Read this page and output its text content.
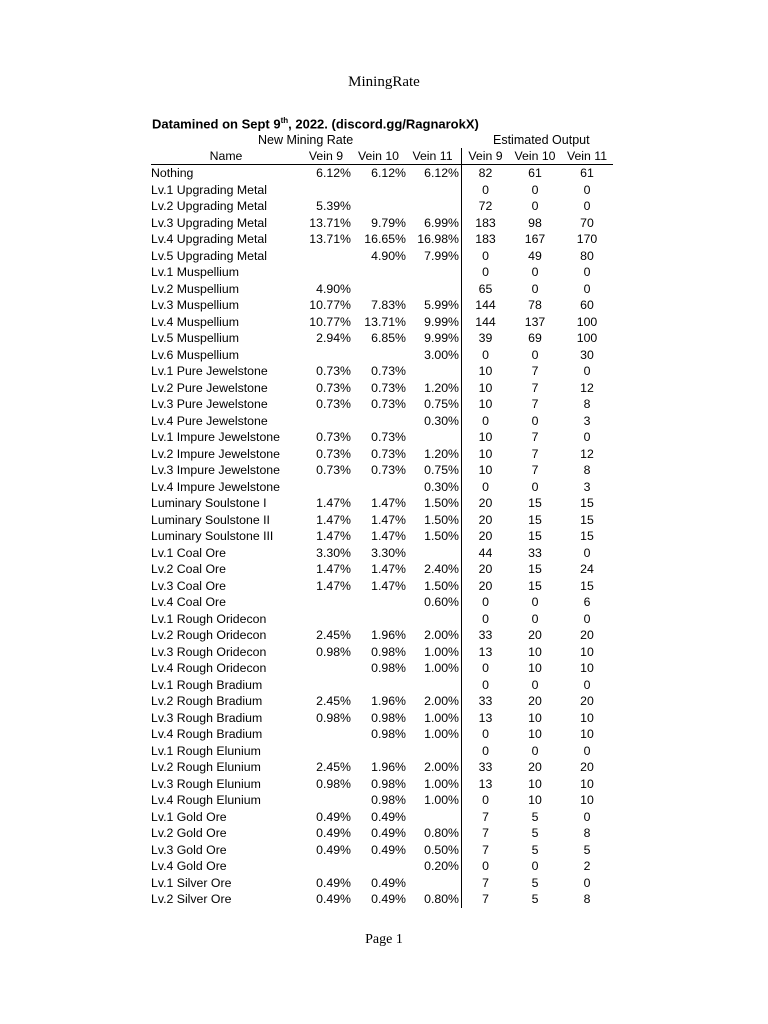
MiningRate
Datamined on Sept 9th, 2022. (discord.gg/RagnarokX)
New Mining Rate	Estimated Output
Name	Vein 9	Vein 10	Vein 11	Vein 9	Vein 10	Vein 11
Nothing	6.12%	6.12%	6.12%	82	61	61
Lv.1 Upgrading Metal				0	0	0
Lv.2 Upgrading Metal	5.39%			72	0	0
Lv.3 Upgrading Metal	13.71%	9.79%	6.99%	183	98	70
Lv.4 Upgrading Metal	13.71%	16.65%	16.98%	183	167	170
Lv.5 Upgrading Metal		4.90%	7.99%	0	49	80
Lv.1 Muspellium				0	0	0
Lv.2 Muspellium	4.90%			65	0	0
Lv.3 Muspellium	10.77%	7.83%	5.99%	144	78	60
Lv.4 Muspellium	10.77%	13.71%	9.99%	144	137	100
Lv.5 Muspellium	2.94%	6.85%	9.99%	39	69	100
Lv.6 Muspellium			3.00%	0	0	30
Lv.1 Pure Jewelstone	0.73%	0.73%		10	7	0
Lv.2 Pure Jewelstone	0.73%	0.73%	1.20%	10	7	12
Lv.3 Pure Jewelstone	0.73%	0.73%	0.75%	10	7	8
Lv.4 Pure Jewelstone			0.30%	0	0	3
Lv.1 Impure Jewelstone	0.73%	0.73%		10	7	0
Lv.2 Impure Jewelstone	0.73%	0.73%	1.20%	10	7	12
Lv.3 Impure Jewelstone	0.73%	0.73%	0.75%	10	7	8
Lv.4 Impure Jewelstone			0.30%	0	0	3
Luminary Soulstone I	1.47%	1.47%	1.50%	20	15	15
Luminary Soulstone II	1.47%	1.47%	1.50%	20	15	15
Luminary Soulstone III	1.47%	1.47%	1.50%	20	15	15
Lv.1 Coal Ore	3.30%	3.30%		44	33	0
Lv.2 Coal Ore	1.47%	1.47%	2.40%	20	15	24
Lv.3 Coal Ore	1.47%	1.47%	1.50%	20	15	15
Lv.4 Coal Ore			0.60%	0	0	6
Lv.1 Rough Oridecon				0	0	0
Lv.2 Rough Oridecon	2.45%	1.96%	2.00%	33	20	20
Lv.3 Rough Oridecon	0.98%	0.98%	1.00%	13	10	10
Lv.4 Rough Oridecon		0.98%	1.00%	0	10	10
Lv.1 Rough Bradium				0	0	0
Lv.2 Rough Bradium	2.45%	1.96%	2.00%	33	20	20
Lv.3 Rough Bradium	0.98%	0.98%	1.00%	13	10	10
Lv.4 Rough Bradium		0.98%	1.00%	0	10	10
Lv.1 Rough Elunium				0	0	0
Lv.2 Rough Elunium	2.45%	1.96%	2.00%	33	20	20
Lv.3 Rough Elunium	0.98%	0.98%	1.00%	13	10	10
Lv.4 Rough Elunium		0.98%	1.00%	0	10	10
Lv.1 Gold Ore	0.49%	0.49%		7	5	0
Lv.2 Gold Ore	0.49%	0.49%	0.80%	7	5	8
Lv.3 Gold Ore	0.49%	0.49%	0.50%	7	5	5
Lv.4 Gold Ore			0.20%	0	0	2
Lv.1 Silver Ore	0.49%	0.49%		7	5	0
Lv.2 Silver Ore	0.49%	0.49%	0.80%	7	5	8
Page 1
